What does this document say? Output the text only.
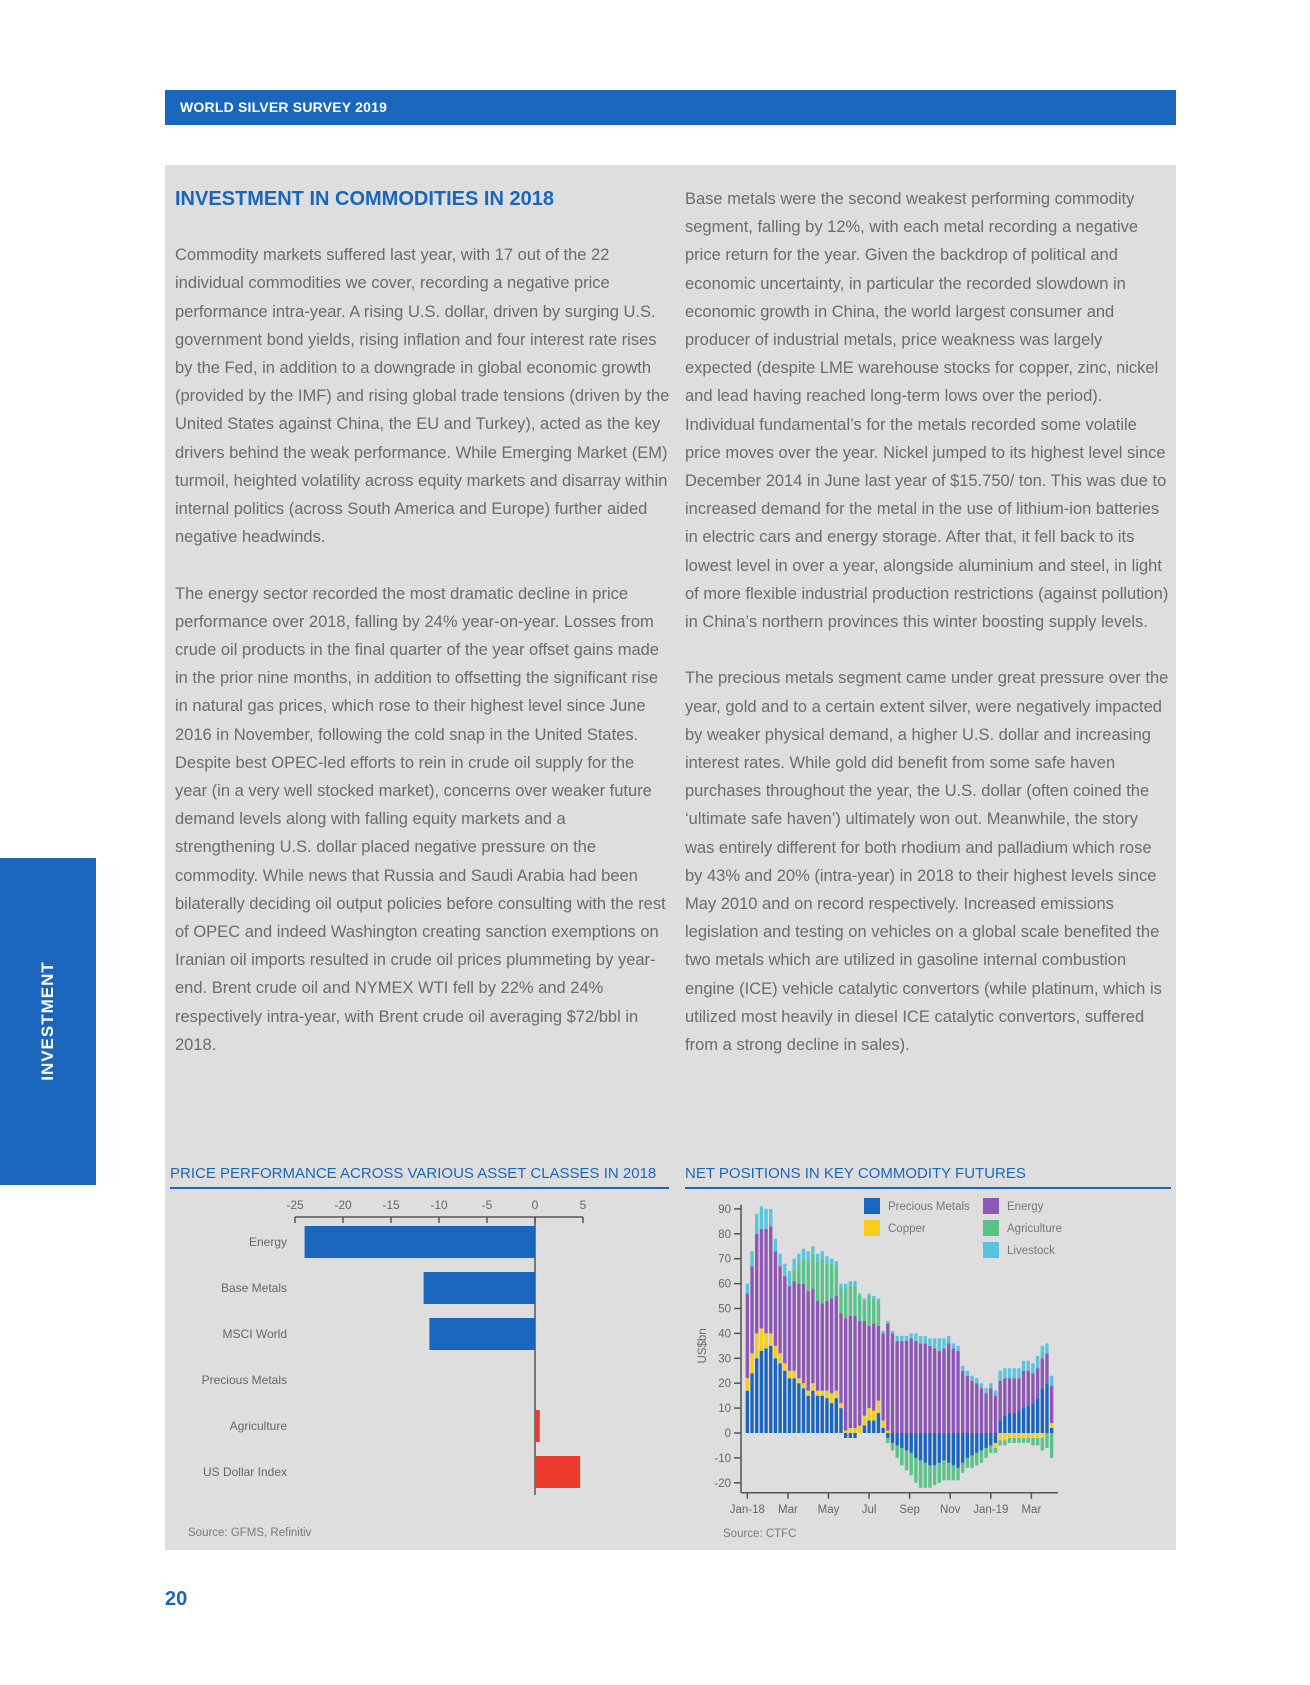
WORLD SILVER SURVEY 2019

INVESTMENT IN COMMODITIES IN 2018

Commodity markets suffered last year, with 17 out of the 22 individual commodities we cover, recording a negative price performance intra-year. A rising U.S. dollar, driven by surging U.S. government bond yields, rising inflation and four interest rate rises by the Fed, in addition to a downgrade in global economic growth (provided by the IMF) and rising global trade tensions (driven by the United States against China, the EU and Turkey), acted as the key drivers behind the weak performance. While Emerging Market (EM) turmoil, heighted volatility across equity markets and disarray within internal politics (across South America and Europe) further aided negative headwinds.

The energy sector recorded the most dramatic decline in price performance over 2018, falling by 24% year-on-year. Losses from crude oil products in the final quarter of the year offset gains made in the prior nine months, in addition to offsetting the significant rise in natural gas prices, which rose to their highest level since June 2016 in November, following the cold snap in the United States. Despite best OPEC-led efforts to rein in crude oil supply for the year (in a very well stocked market), concerns over weaker future demand levels along with falling equity markets and a strengthening U.S. dollar placed negative pressure on the commodity. While news that Russia and Saudi Arabia had been bilaterally deciding oil output policies before consulting with the rest of OPEC and indeed Washington creating sanction exemptions on Iranian oil imports resulted in crude oil prices plummeting by year-end. Brent crude oil and NYMEX WTI fell by 22% and 24% respectively intra-year, with Brent crude oil averaging $72/bbl in 2018.

Base metals were the second weakest performing commodity segment, falling by 12%, with each metal recording a negative price return for the year. Given the backdrop of political and economic uncertainty, in particular the recorded slowdown in economic growth in China, the world largest consumer and producer of industrial metals, price weakness was largely expected (despite LME warehouse stocks for copper, zinc, nickel and lead having reached long-term lows over the period). Individual fundamental’s for the metals recorded some volatile price moves over the year. Nickel jumped to its highest level since December 2014 in June last year of $15.750/ ton. This was due to increased demand for the metal in the use of lithium-ion batteries in electric cars and energy storage. After that, it fell back to its lowest level in over a year, alongside aluminium and steel, in light of more flexible industrial production restrictions (against pollution) in China’s northern provinces this winter boosting supply levels.

The precious metals segment came under great pressure over the year, gold and to a certain extent silver, were negatively impacted by weaker physical demand, a higher U.S. dollar and increasing interest rates. While gold did benefit from some safe haven purchases throughout the year, the U.S. dollar (often coined the ‘ultimate safe haven’) ultimately won out. Meanwhile, the story was entirely different for both rhodium and palladium which rose by 43% and 20% (intra-year) in 2018 to their highest levels since May 2010 and on record respectively. Increased emissions legislation and testing on vehicles on a global scale benefited the two metals which are utilized in gasoline internal combustion engine (ICE) vehicle catalytic convertors (while platinum, which is utilized most heavily in diesel ICE catalytic convertors, suffered from a strong decline in sales).

PRICE PERFORMANCE ACROSS VARIOUS ASSET CLASSES IN 2018	NET POSITIONS IN KEY COMMODITY FUTURES
-25	-20	-15	-10	-5	0	5
Energy
Base Metals
MSCI World
Precious Metals
Agriculture
US Dollar Index
Source: GFMS, Refinitiv
90
80
70
60
50
40
30
20
10
0
-10
-20
US$bn
Jan-18 Mar May Jul Sep Nov Jan-19 Mar
Precious Metals
Copper
Energy
Agriculture
Livestock
Source: CTFC
INVESTMENT
20
